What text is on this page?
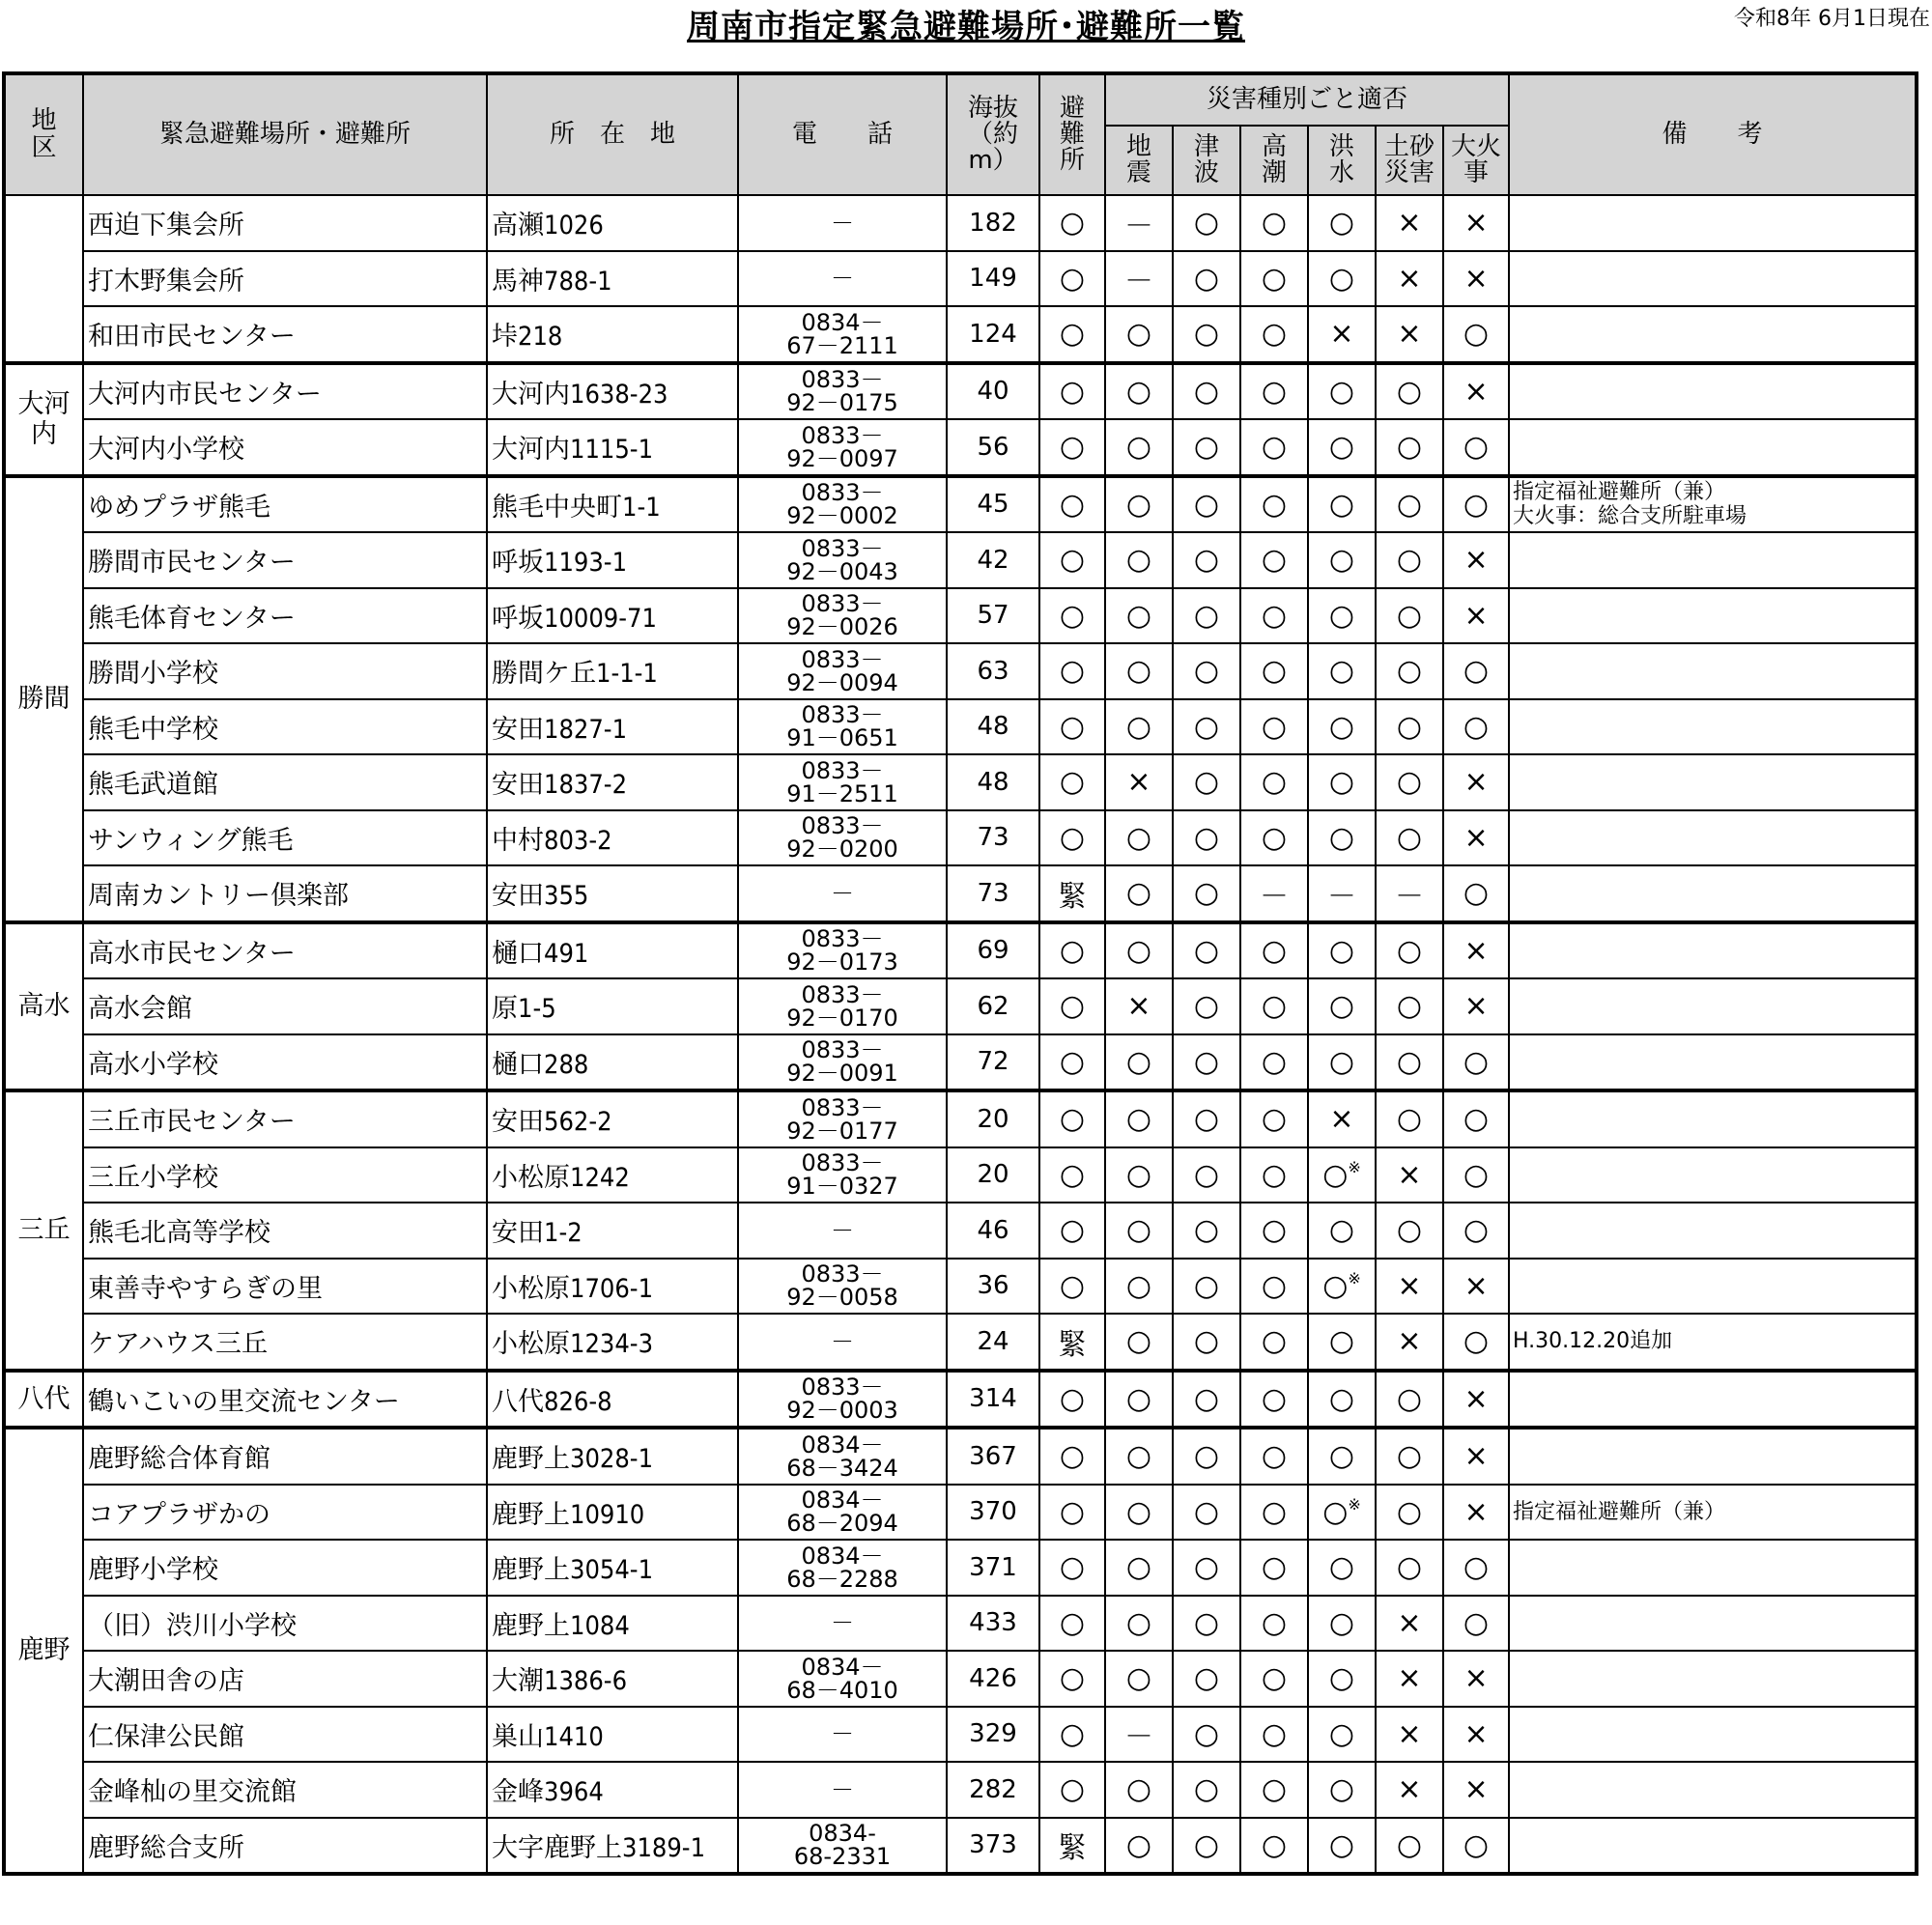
周南市指定緊急避難場所･避難所一覧	令和8年 6月1日現在
地
区	緊急避難場所・避難所	所　在　地	電　　話	海抜
（約
m）	避
難
所	災害種別ごと適否						備　　考
						地
震	津
波	高
潮	洪
水	土砂
災害	大火
事	
	西迫下集会所	高瀬1026	－	182	○	－	○	○	○	×	×	
	打木野集会所	馬神788-1	－	149	○	－	○	○	○	×	×	
	和田市民センター	垰218	0834－
67－2111	124	○	○	○	○	×	×	○	
大河
内	大河内市民センター	大河内1638-23	0833－
92－0175	40	○	○	○	○	○	○	×	
	大河内小学校	大河内1115-1	0833－
92－0097	56	○	○	○	○	○	○	○	
勝間	ゆめプラザ熊毛	熊毛中央町1-1	0833－
92－0002	45	○	○	○	○	○	○	○	指定福祉避難所（兼）
大火事：総合支所駐車場
	勝間市民センター	呼坂1193-1	0833－
92－0043	42	○	○	○	○	○	○	×	
	熊毛体育センター	呼坂10009-71	0833－
92－0026	57	○	○	○	○	○	○	×	
	勝間小学校	勝間ケ丘1-1-1	0833－
92－0094	63	○	○	○	○	○	○	○	
	熊毛中学校	安田1827-1	0833－
91－0651	48	○	○	○	○	○	○	○	
	熊毛武道館	安田1837-2	0833－
91－2511	48	○	×	○	○	○	○	×	
	サンウィング熊毛	中村803-2	0833－
92－0200	73	○	○	○	○	○	○	×	
	周南カントリー倶楽部	安田355	－	73	緊	○	○	－	－	－	○	
高水	高水市民センター	樋口491	0833－
92－0173	69	○	○	○	○	○	○	×	
	高水会館	原1-5	0833－
92－0170	62	○	×	○	○	○	○	×	
	高水小学校	樋口288	0833－
92－0091	72	○	○	○	○	○	○	○	
三丘	三丘市民センター	安田562-2	0833－
92－0177	20	○	○	○	○	×	○	○	
	三丘小学校	小松原1242	0833－
91－0327	20	○	○	○	○	○※	×	○	
	熊毛北高等学校	安田1-2	－	46	○	○	○	○	○	○	○	
	東善寺やすらぎの里	小松原1706-1	0833－
92－0058	36	○	○	○	○	○※	×	×	
	ケアハウス三丘	小松原1234-3	－	24	緊	○	○	○	○	×	○	H.30.12.20追加
八代	鶴いこいの里交流センター	八代826-8	0833－
92－0003	314	○	○	○	○	○	○	×	
鹿野	鹿野総合体育館	鹿野上3028-1	0834－
68－3424	367	○	○	○	○	○	○	×	
	コアプラザかの	鹿野上10910	0834－
68－2094	370	○	○	○	○	○※	○	×	指定福祉避難所（兼）
	鹿野小学校	鹿野上3054-1	0834－
68－2288	371	○	○	○	○	○	○	○	
	（旧）渋川小学校	鹿野上1084	－	433	○	○	○	○	○	×	○	
	大潮田舎の店	大潮1386-6	0834－
68－4010	426	○	○	○	○	○	×	×	
	仁保津公民館	巣山1410	－	329	○	－	○	○	○	×	×	
	金峰杣の里交流館	金峰3964	－	282	○	○	○	○	○	×	×	
	鹿野総合支所	大字鹿野上3189-1	0834-
68-2331	373	緊	○	○	○	○	○	○	
